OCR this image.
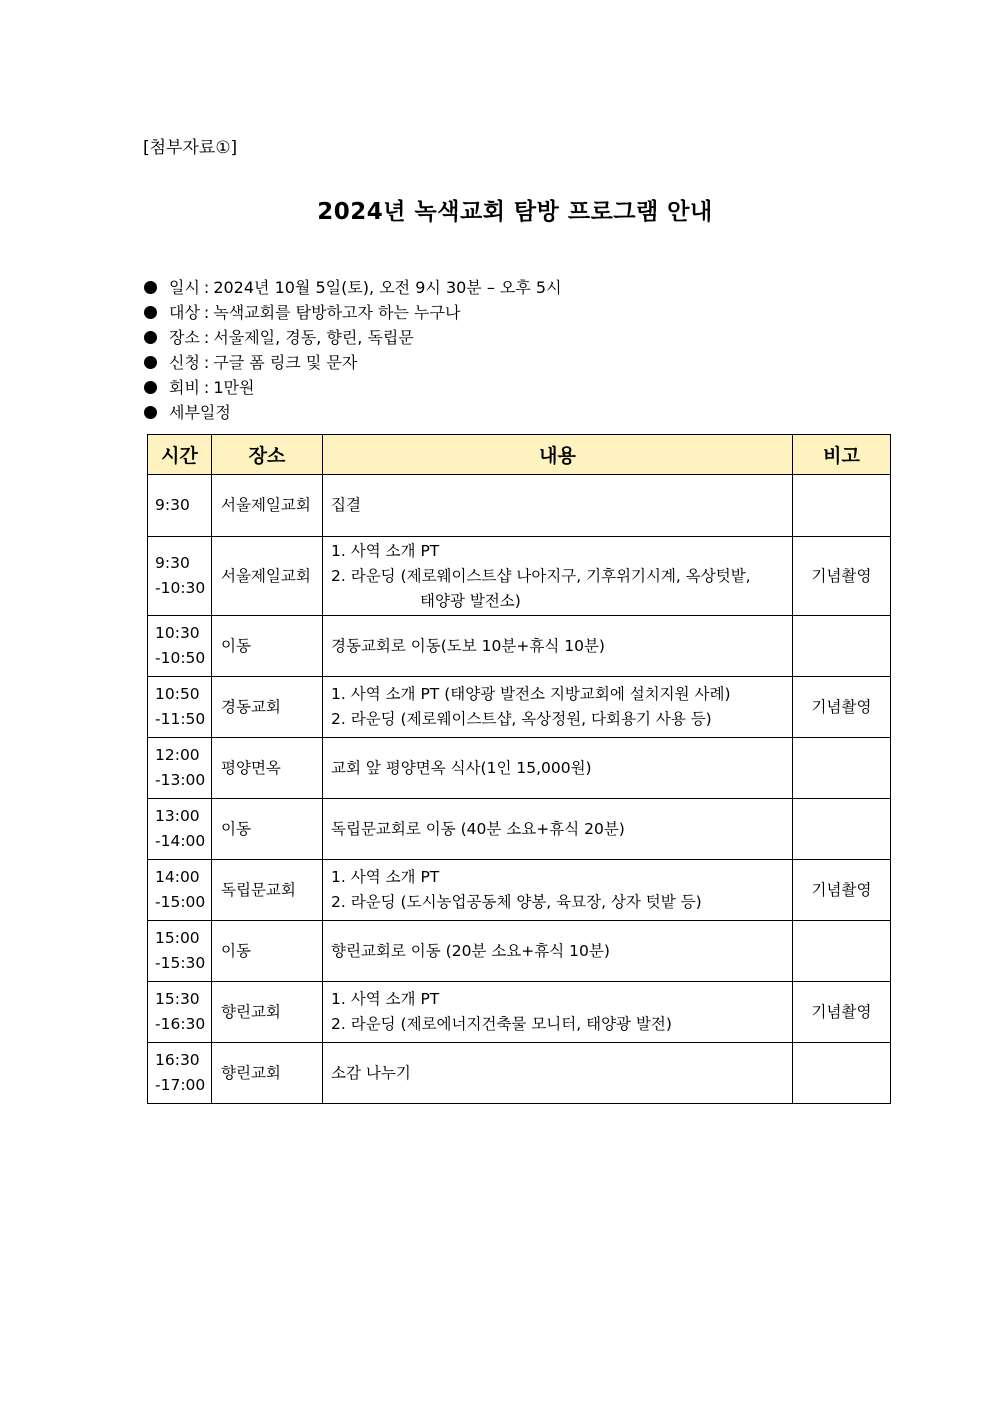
[첨부자료①]
2024년 녹색교회 탐방 프로그램 안내
일시 : 2024년 10월 5일(토), 오전 9시 30분 – 오후 5시
대상 : 녹색교회를 탐방하고자 하는 누구나
장소 : 서울제일, 경동, 향린, 독립문
신청 : 구글 폼 링크 및 문자
회비 : 1만원
세부일정
시간	장소	내용	비고

9:30	서울제일교회	집결	

9:30
-10:30	서울제일교회	1. 사역 소개 PT
2. 라운딩 (제로웨이스트샵 나아지구, 기후위기시계, 옥상텃밭,
태양광 발전소)	기념촬영

10:30
-10:50	이동	경동교회로 이동(도보 10분+휴식 10분)	

10:50
-11:50	경동교회	1. 사역 소개 PT (태양광 발전소 지방교회에 설치지원 사례)
2. 라운딩 (제로웨이스트샵, 옥상정원, 다회용기 사용 등)	기념촬영

12:00
-13:00	평양면옥	교회 앞 평양면옥 식사(1인 15,000원)	

13:00
-14:00	이동	독립문교회로 이동 (40분 소요+휴식 20분)	

14:00
-15:00	독립문교회	1. 사역 소개 PT
2. 라운딩 (도시농업공동체 양봉, 육묘장, 상자 텃밭 등)	기념촬영

15:00
-15:30	이동	향린교회로 이동 (20분 소요+휴식 10분)	

15:30
-16:30	향린교회	1. 사역 소개 PT
2. 라운딩 (제로에너지건축물 모니터, 태양광 발전)	기념촬영

16:30
-17:00	향린교회	소감 나누기	
